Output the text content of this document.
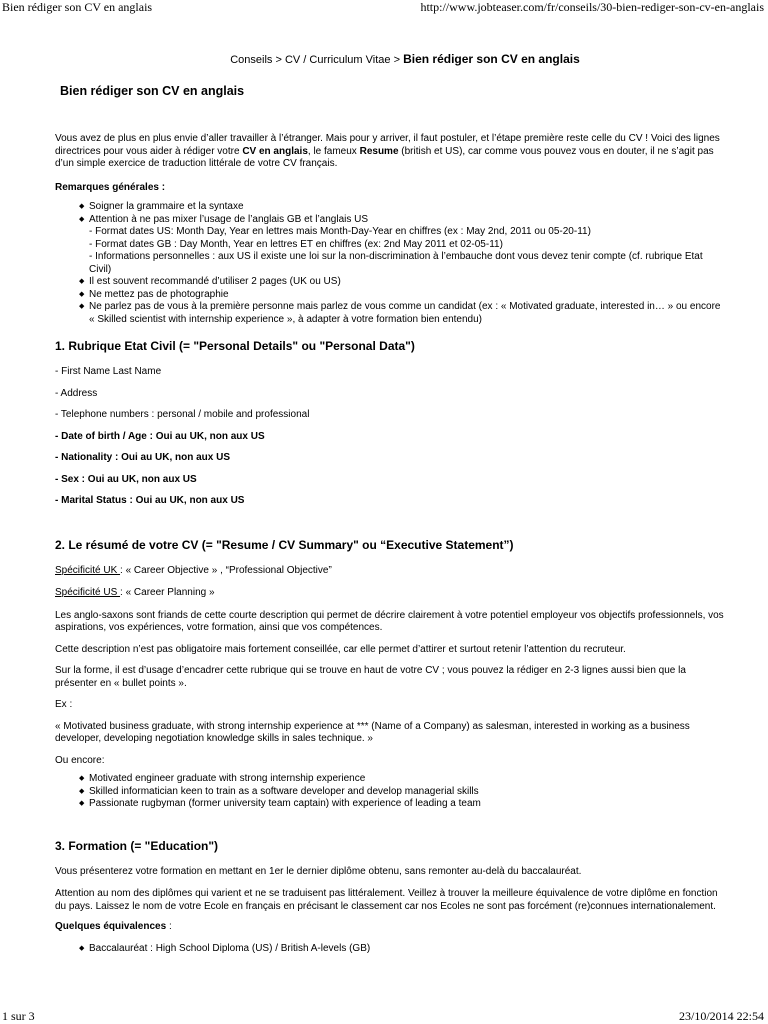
Bien rédiger son CV en anglais	http://www.jobteaser.com/fr/conseils/30-bien-rediger-son-cv-en-anglais
Conseils > CV / Curriculum Vitae > Bien rédiger son CV en anglais
Bien rédiger son CV en anglais

Vous avez de plus en plus envie d’aller travailler à l’étranger. Mais pour y arriver, il faut postuler, et l’étape première reste celle du CV ! Voici des lignes directrices pour vous aider à rédiger votre CV en anglais, le fameux Resume (british et US), car comme vous pouvez vous en douter, il ne s’agit pas d’un simple exercice de traduction littérale de votre CV français.

Remarques générales :

◆ Soigner la grammaire et la syntaxe
◆ Attention à ne pas mixer l’usage de l’anglais GB et l’anglais US
- Format dates US: Month Day, Year en lettres mais Month-Day-Year en chiffres (ex : May 2nd, 2011 ou 05-20-11)
- Format dates GB : Day Month, Year en lettres ET en chiffres (ex: 2nd May 2011 et 02-05-11)
- Informations personnelles : aux US il existe une loi sur la non-discrimination à l’embauche dont vous devez tenir compte (cf. rubrique Etat Civil)
◆ Il est souvent recommandé d’utiliser 2 pages (UK ou US)
◆ Ne mettez pas de photographie
◆ Ne parlez pas de vous à la première personne mais parlez de vous comme un candidat (ex : « Motivated graduate, interested in… » ou encore « Skilled scientist with internship experience », à adapter à votre formation bien entendu)
1. Rubrique Etat Civil (= "Personal Details" ou "Personal Data")

- First Name Last Name

- Address

- Telephone numbers : personal / mobile and professional

- Date of birth / Age : Oui au UK, non aux US

- Nationality : Oui au UK, non aux US

- Sex : Oui au UK, non aux US

- Marital Status : Oui au UK, non aux US

2. Le résumé de votre CV (= "Resume / CV Summary" ou “Executive Statement”)

Spécificité UK : « Career Objective » , “Professional Objective”

Spécificité US : « Career Planning »

Les anglo-saxons sont friands de cette courte description qui permet de décrire clairement à votre potentiel employeur vos objectifs professionnels, vos aspirations, vos expériences, votre formation, ainsi que vos compétences.

Cette description n’est pas obligatoire mais fortement conseillée, car elle permet d’attirer et surtout retenir l’attention du recruteur.

Sur la forme, il est d’usage d’encadrer cette rubrique qui se trouve en haut de votre CV ; vous pouvez la rédiger en 2-3 lignes aussi bien que la présenter en « bullet points ».

Ex :

« Motivated business graduate, with strong internship experience at *** (Name of a Company) as salesman, interested in working as a business developer, developing negotiation knowledge skills in sales technique. »

Ou encore:

◆ Motivated engineer graduate with strong internship experience
◆ Skilled informatician keen to train as a software developer and develop managerial skills
◆ Passionate rugbyman (former university team captain) with experience of leading a team
3. Formation (= "Education")

Vous présenterez votre formation en mettant en 1er le dernier diplôme obtenu, sans remonter au-delà du baccalauréat.

Attention au nom des diplômes qui varient et ne se traduisent pas littéralement. Veillez à trouver la meilleure équivalence de votre diplôme en fonction du pays. Laissez le nom de votre Ecole en français en précisant le classement car nos Ecoles ne sont pas forcément (re)connues internationalement.

Quelques équivalences :

◆ Baccalauréat : High School Diploma (US) / British A-levels (GB)
1 sur 3	23/10/2014 22:54
